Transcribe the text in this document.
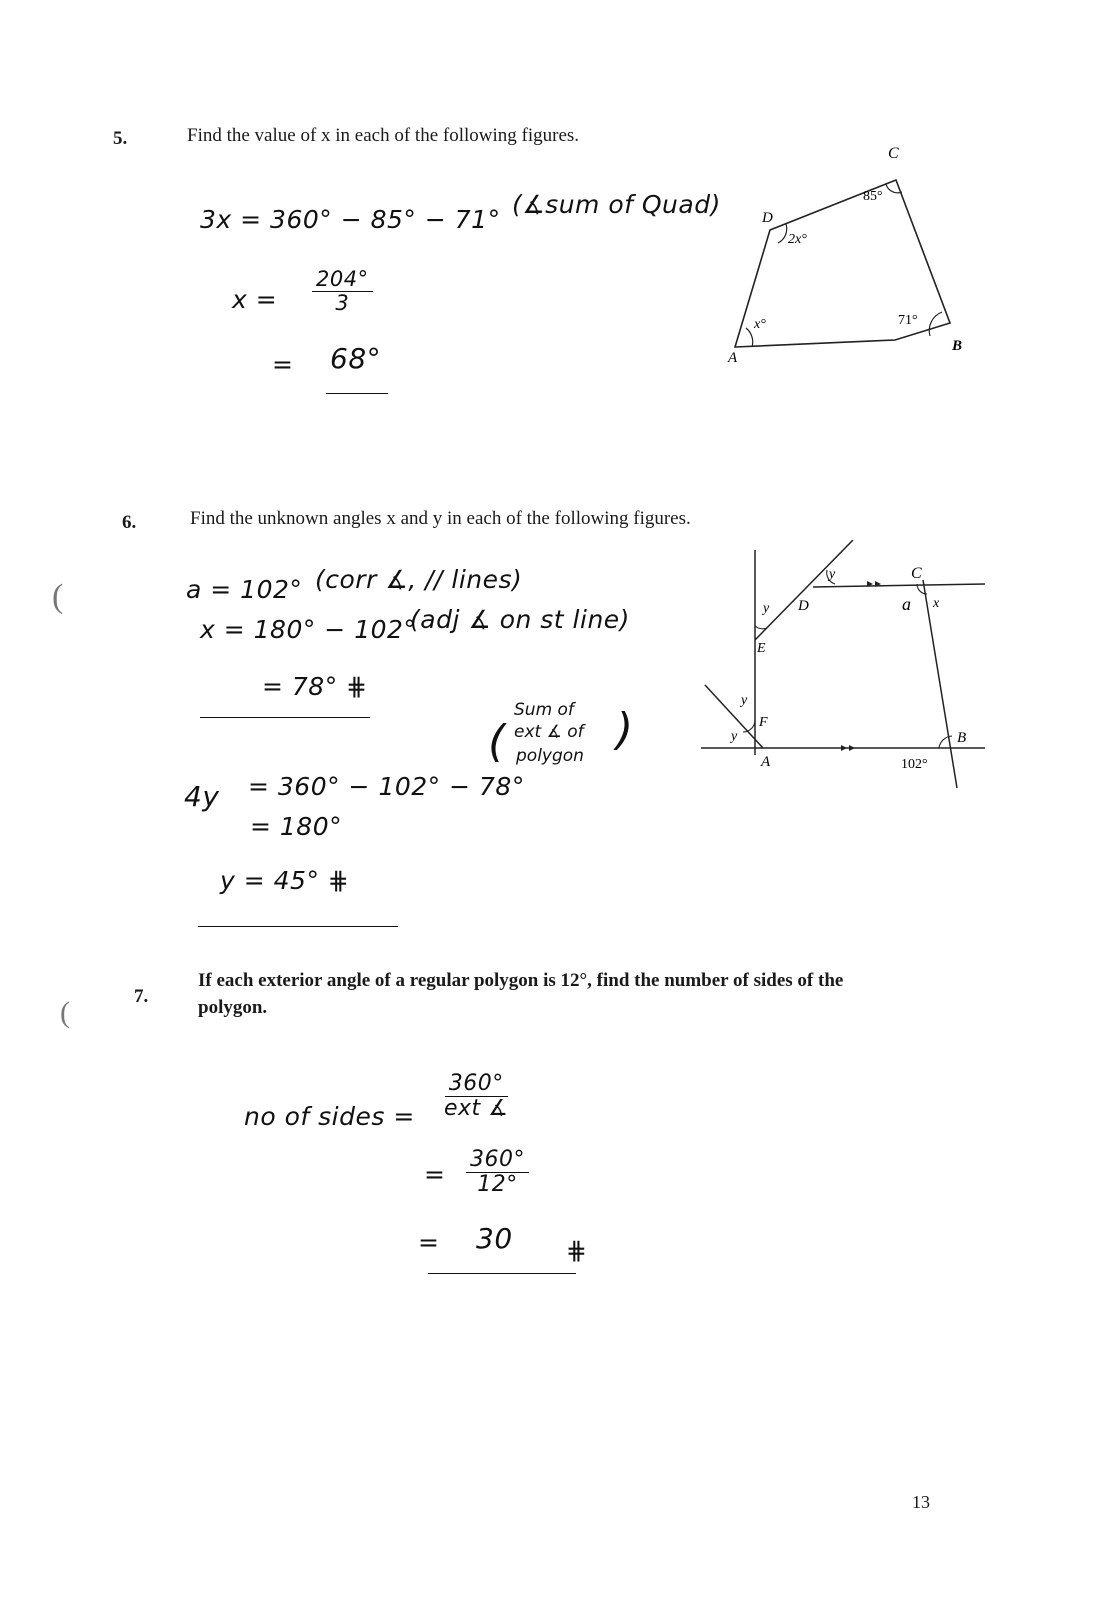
5.	Find the value of x in each of the following figures.
3x = 360° − 85° − 71°
(∡sum of Quad)
$x = \frac{204^\circ}{3}$
= 68°	A
B
C
D
85°
2x°
x°	71°
6.	Find the unknown angles x and y in each of the following figures.
a = 102° (corr ∡, // lines)
x = 180° − 102°
(adj ∡ on st line)
= 78° ⋕
4y = 360° − 102° − 78°
(
Sum of
ext ∡ of
polygon
)
= 180°
y = 45° ⋕
A
B
C
D
E
F
y
y
y
y
x
a
102°
7.
If each exterior angle of a regular polygon is 12°, find the number of sides of the
polygon.
no of sides = $\frac{360^\circ}{\text{ext ∡}}$
= $\frac{360^\circ}{12^\circ}$
= 30 ⋕
(
(
13
